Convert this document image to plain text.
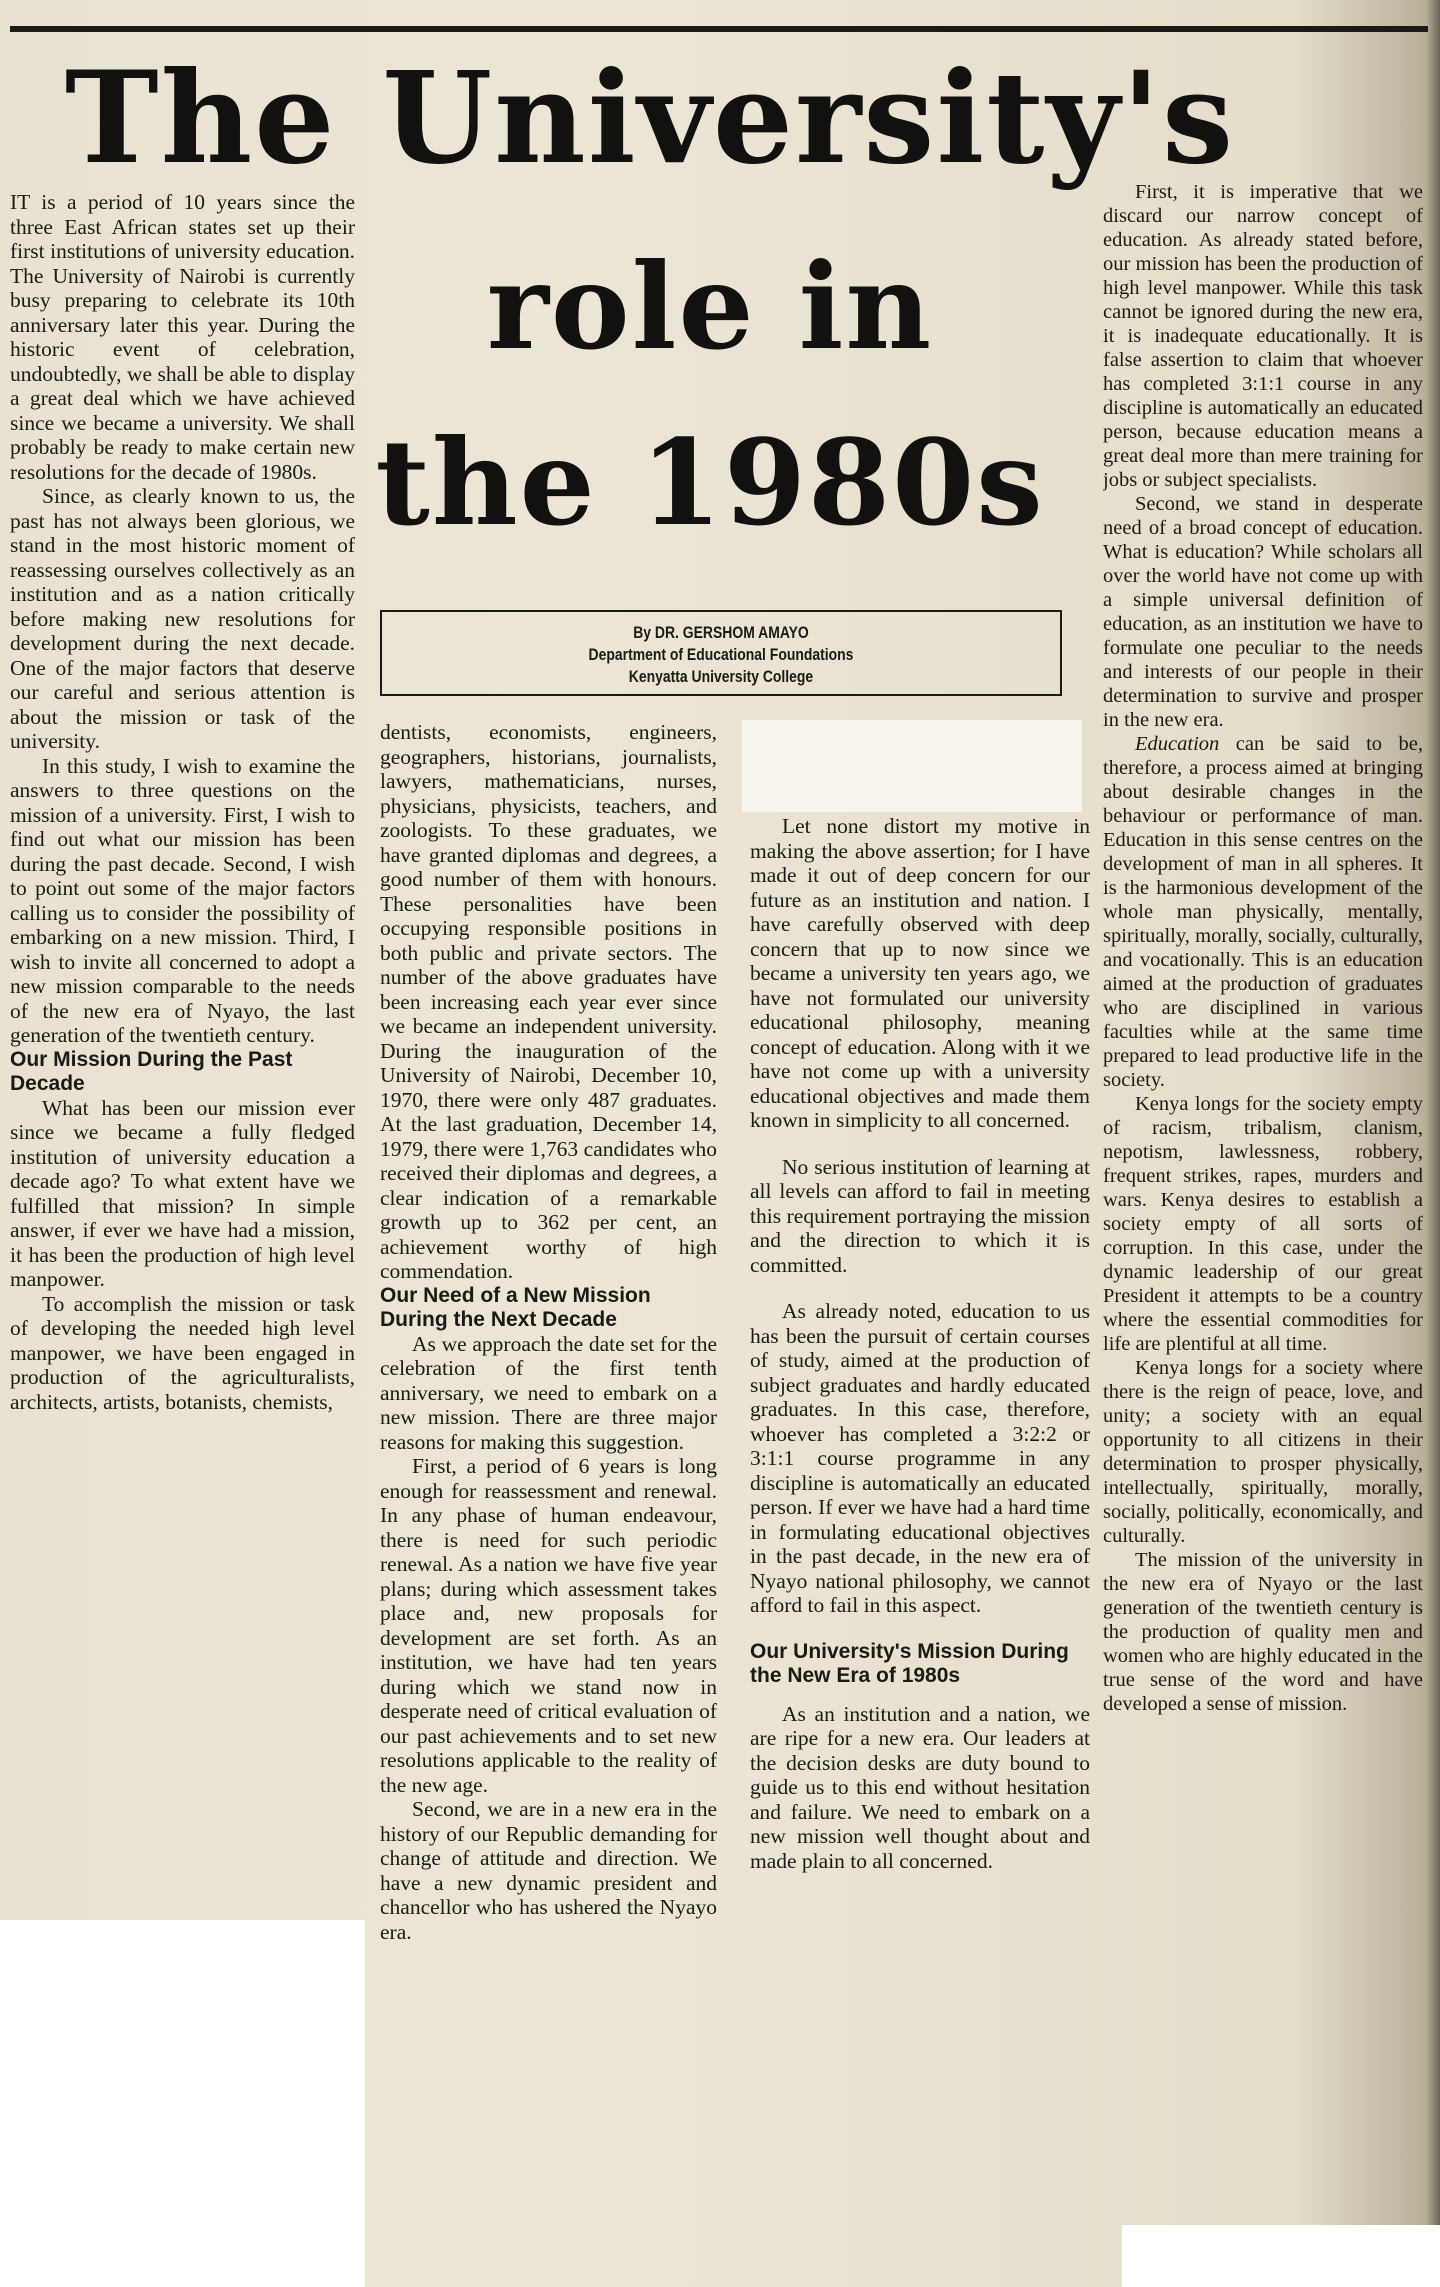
The University's
role in
the 1980s
By DR. GERSHOM AMAYO
Department of Educational Foundations
Kenyatta University College

IT is a period of 10 years since the three East African states set up their first institutions of university education. The University of Nairobi is currently busy preparing to celebrate its 10th anniversary later this year. During the historic event of celebration, undoubtedly, we shall be able to display a great deal which we have achieved since we became a university. We shall probably be ready to make certain new resolutions for the decade of 1980s.

Since, as clearly known to us, the past has not always been glorious, we stand in the most historic moment of reassessing ourselves collectively as an institution and as a nation critically before making new resolutions for development during the next decade. One of the major factors that deserve our careful and serious attention is about the mission or task of the university.

In this study, I wish to examine the answers to three questions on the mission of a university. First, I wish to find out what our mission has been during the past decade. Second, I wish to point out some of the major factors calling us to consider the possibility of embarking on a new mission. Third, I wish to invite all concerned to adopt a new mission comparable to the needs of the new era of Nyayo, the last generation of the twentieth century.

Our Mission During the Past Decade

What has been our mission ever since we became a fully fledged institution of university education a decade ago? To what extent have we fulfilled that mission? In simple answer, if ever we have had a mission, it has been the production of high level manpower.

To accomplish the mission or task of developing the needed high level manpower, we have been engaged in production of the agriculturalists, architects, artists, botanists, chemists,

dentists, economists, engineers, geographers, historians, journalists, lawyers, mathematicians, nurses, physicians, physicists, teachers, and zoologists. To these graduates, we have granted diplomas and degrees, a good number of them with honours. These personalities have been occupying responsible positions in both public and private sectors. The number of the above graduates have been increasing each year ever since we became an independent university. During the inauguration of the University of Nairobi, December 10, 1970, there were only 487 graduates. At the last graduation, December 14, 1979, there were 1,763 candidates who received their diplomas and degrees, a clear indication of a remarkable growth up to 362 per cent, an achievement worthy of high commendation.

Our Need of a New Mission During the Next Decade

As we approach the date set for the celebration of the first tenth anniversary, we need to embark on a new mission. There are three major reasons for making this suggestion.

First, a period of 6 years is long enough for reassessment and renewal. In any phase of human endeavour, there is need for such periodic renewal. As a nation we have five year plans; during which assessment takes place and, new proposals for development are set forth. As an institution, we have had ten years during which we stand now in desperate need of critical evaluation of our past achievements and to set new resolutions applicable to the reality of the new age.

Second, we are in a new era in the history of our Republic demanding for change of attitude and direction. We have a new dynamic president and chancellor who has ushered the Nyayo era.

Let none distort my motive in making the above assertion; for I have made it out of deep concern for our future as an institution and nation. I have carefully observed with deep concern that up to now since we became a university ten years ago, we have not formulated our university educational philosophy, meaning concept of education. Along with it we have not come up with a university educational objectives and made them known in simplicity to all concerned.

No serious institution of learning at all levels can afford to fail in meeting this requirement portraying the mission and the direction to which it is committed.

As already noted, education to us has been the pursuit of certain courses of study, aimed at the production of subject graduates and hardly educated graduates. In this case, therefore, whoever has completed a 3:2:2 or 3:1:1 course programme in any discipline is automatically an educated person. If ever we have had a hard time in formulating educational objectives in the past decade, in the new era of Nyayo national philosophy, we cannot afford to fail in this aspect.

Our University's Mission During the New Era of 1980s

As an institution and a nation, we are ripe for a new era. Our leaders at the decision desks are duty bound to guide us to this end without hesitation and failure. We need to embark on a new mission well thought about and made plain to all concerned.

First, it is imperative that we discard our narrow concept of education. As already stated before, our mission has been the production of high level manpower. While this task cannot be ignored during the new era, it is inadequate educationally. It is false assertion to claim that whoever has completed 3:1:1 course in any discipline is automatically an educated person, because education means a great deal more than mere training for jobs or subject specialists.

Second, we stand in desperate need of a broad concept of education. What is education? While scholars all over the world have not come up with a simple universal definition of education, as an institution we have to formulate one peculiar to the needs and interests of our people in their determination to survive and prosper in the new era.

Education can be said to be, therefore, a process aimed at bringing about desirable changes in the behaviour or performance of man. Education in this sense centres on the development of man in all spheres. It is the harmonious development of the whole man physically, mentally, spiritually, morally, socially, culturally, and vocationally. This is an education aimed at the production of graduates who are disciplined in various faculties while at the same time prepared to lead productive life in the society.

Kenya longs for the society empty of racism, tribalism, clanism, nepotism, lawlessness, robbery, frequent strikes, rapes, murders and wars. Kenya desires to establish a society empty of all sorts of corruption. In this case, under the dynamic leadership of our great President it attempts to be a country where the essential commodities for life are plentiful at all time.

Kenya longs for a society where there is the reign of peace, love, and unity; a society with an equal opportunity to all citizens in their determination to prosper physically, intellectually, spiritually, morally, socially, politically, economically, and culturally.

The mission of the university in the new era of Nyayo or the last generation of the twentieth century is the production of quality men and women who are highly educated in the true sense of the word and have developed a sense of mission.
